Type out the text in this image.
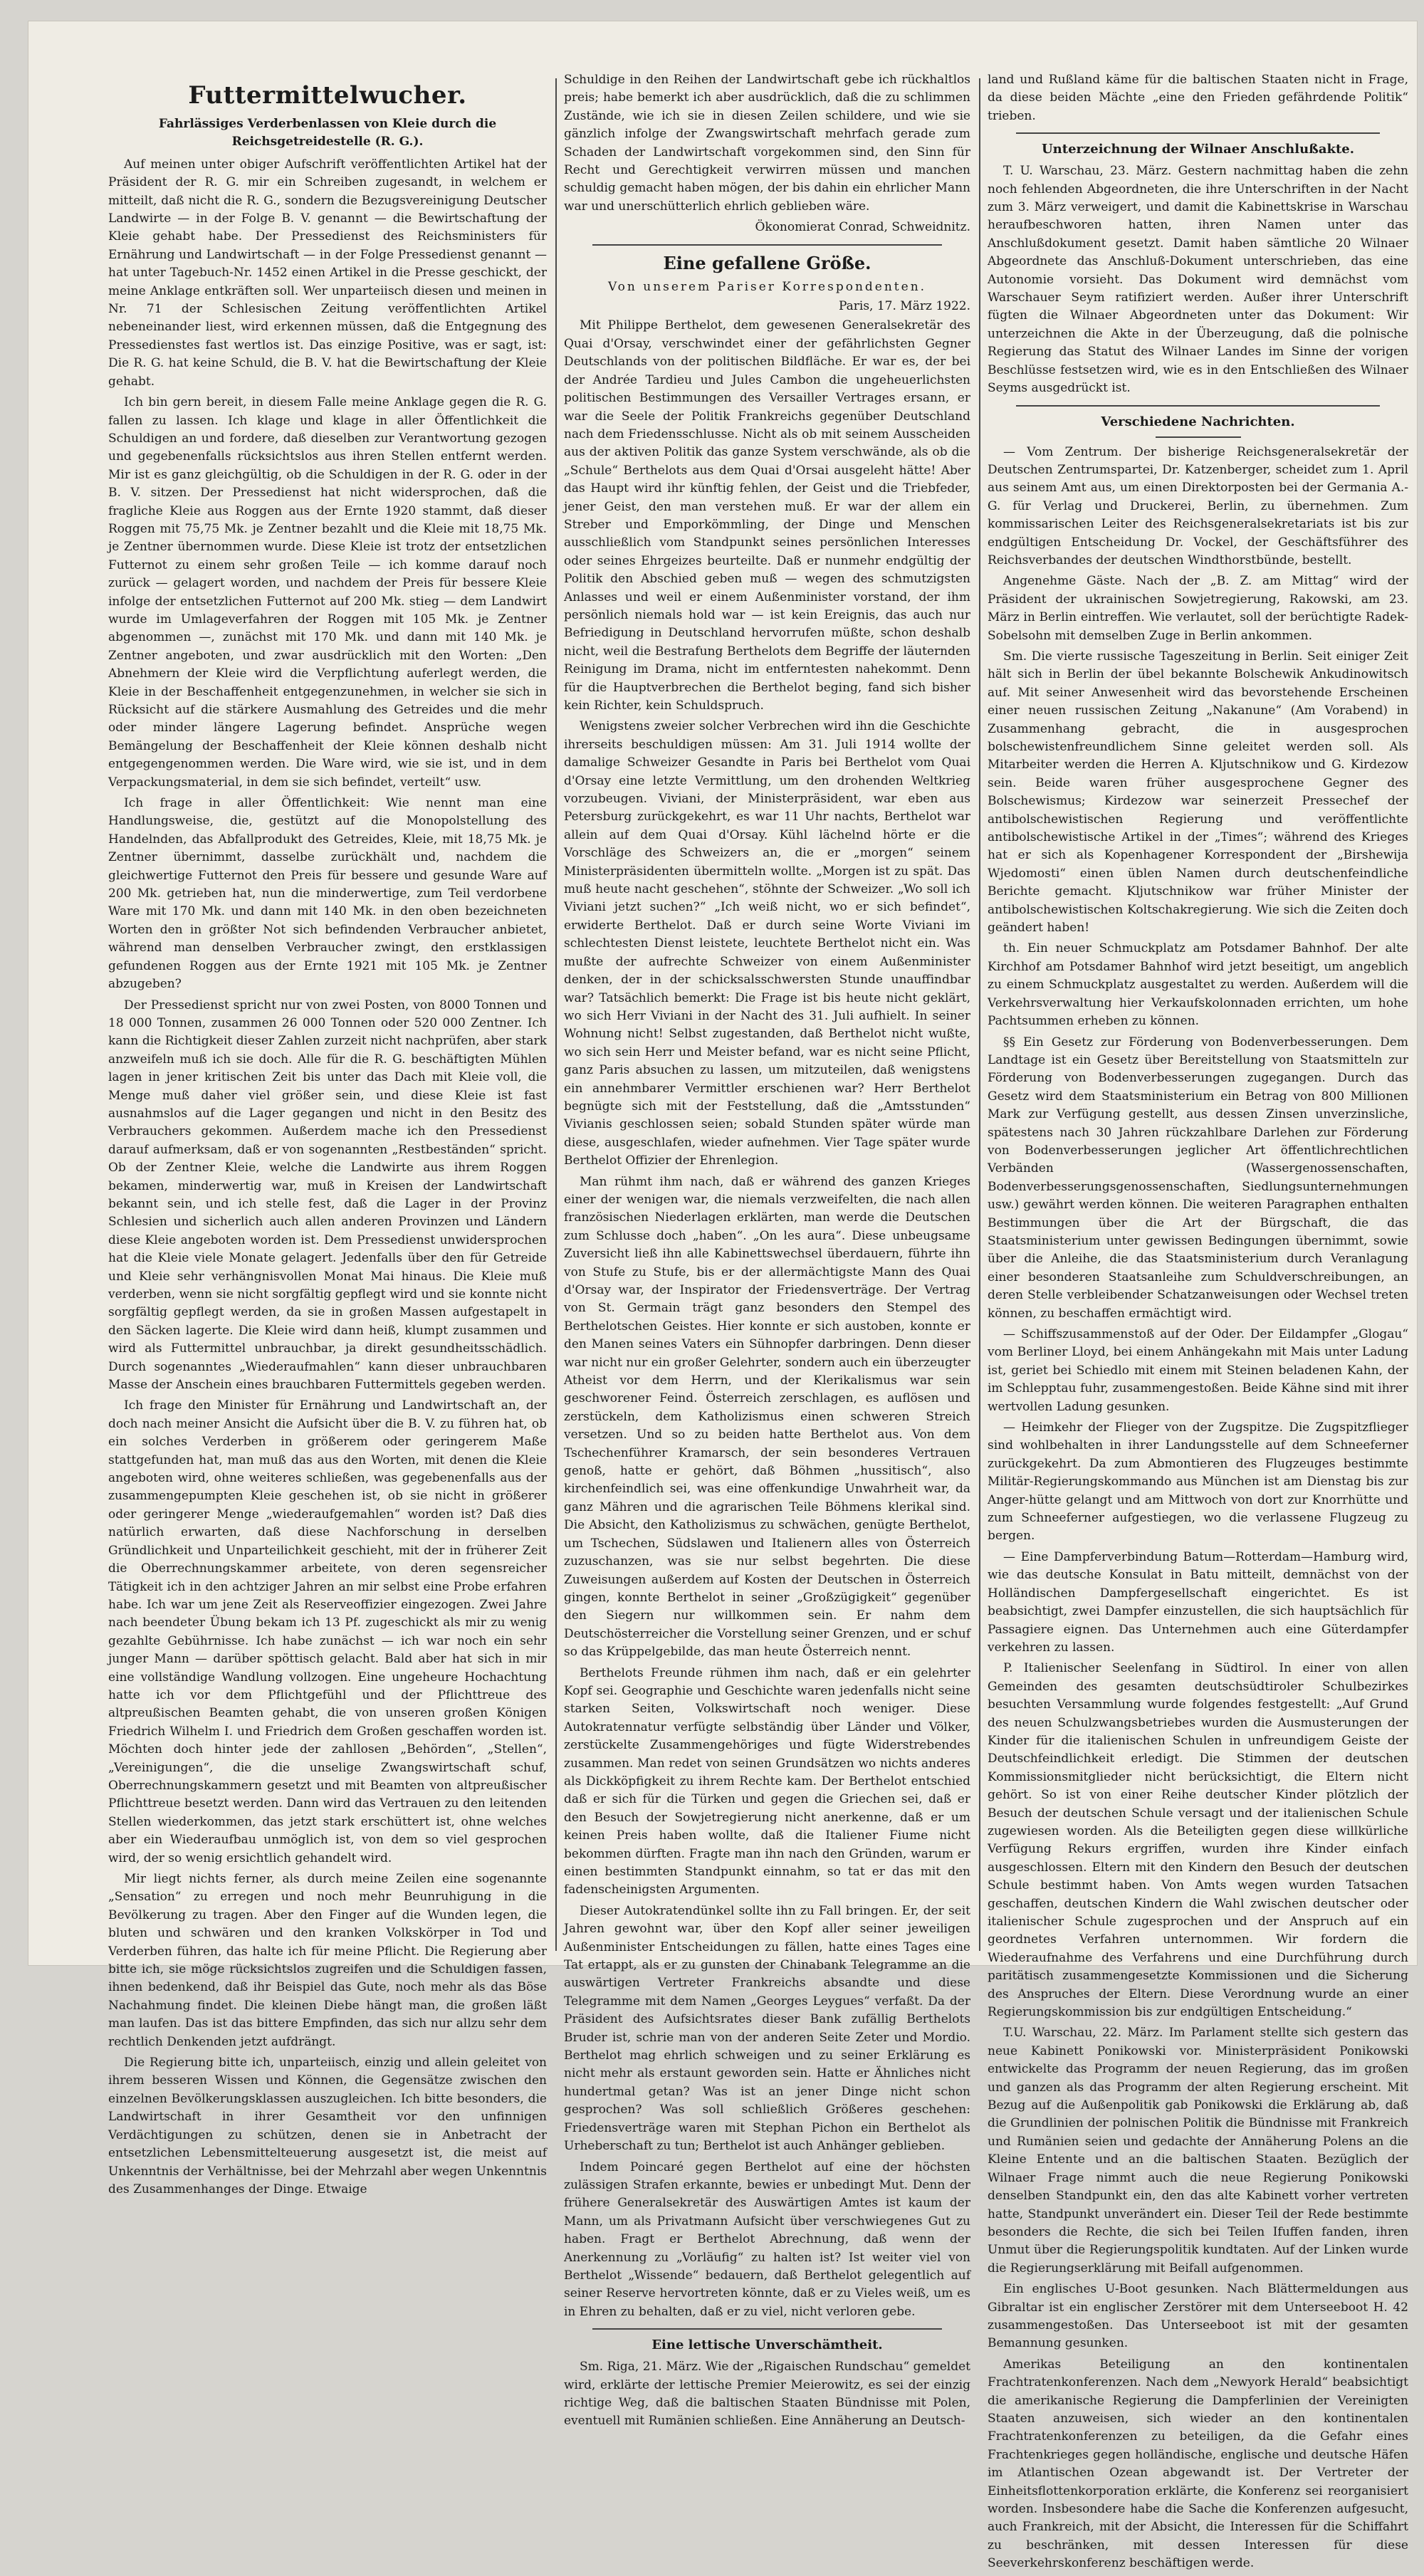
Futtermittelwucher.
Fahrlässiges Verderbenlassen von Kleie durch die Reichsgetreidestelle (R. G.).

Auf meinen unter obiger Aufschrift veröffentlichten Artikel hat der Präsident der R. G. mir ein Schreiben zugesandt, in welchem er mitteilt, daß nicht die R. G., sondern die Bezugsvereinigung Deutscher Landwirte — in der Folge B. V. genannt — die Bewirtschaftung der Kleie gehabt habe. Der Pressedienst des Reichsministers für Ernährung und Landwirtschaft — in der Folge Pressedienst genannt — hat unter Tagebuch-Nr. 1452 einen Artikel in die Presse geschickt, der meine Anklage entkräften soll. Wer unparteiisch diesen und meinen in Nr. 71 der Schlesischen Zeitung veröffentlichten Artikel nebeneinander liest, wird erkennen müssen, daß die Entgegnung des Pressedienstes fast wertlos ist. Das einzige Positive, was er sagt, ist: Die R. G. hat keine Schuld, die B. V. hat die Bewirtschaftung der Kleie gehabt.

Ich bin gern bereit, in diesem Falle meine Anklage gegen die R. G. fallen zu lassen. Ich klage und klage in aller Öffentlichkeit die Schuldigen an und fordere, daß dieselben zur Verantwortung gezogen und gegebenenfalls rücksichtslos aus ihren Stellen entfernt werden. Mir ist es ganz gleichgültig, ob die Schuldigen in der R. G. oder in der B. V. sitzen. Der Pressedienst hat nicht widersprochen, daß die fragliche Kleie aus Roggen aus der Ernte 1920 stammt, daß dieser Roggen mit 75,75 Mk. je Zentner bezahlt und die Kleie mit 18,75 Mk. je Zentner übernommen wurde. Diese Kleie ist trotz der entsetzlichen Futternot zu einem sehr großen Teile — ich komme darauf noch zurück — gelagert worden, und nachdem der Preis für bessere Kleie infolge der entsetzlichen Futternot auf 200 Mk. stieg — dem Landwirt wurde im Umlageverfahren der Roggen mit 105 Mk. je Zentner abgenommen —, zunächst mit 170 Mk. und dann mit 140 Mk. je Zentner angeboten, und zwar ausdrücklich mit den Worten: „Den Abnehmern der Kleie wird die Verpflichtung auferlegt werden, die Kleie in der Beschaffenheit entgegenzunehmen, in welcher sie sich in Rücksicht auf die stärkere Ausmahlung des Getreides und die mehr oder minder längere Lagerung befindet. Ansprüche wegen Bemängelung der Beschaffenheit der Kleie können deshalb nicht entgegengenommen werden. Die Ware wird, wie sie ist, und in dem Verpackungsmaterial, in dem sie sich befindet, verteilt“ usw.

Ich frage in aller Öffentlichkeit: Wie nennt man eine Handlungsweise, die, gestützt auf die Monopolstellung des Handelnden, das Abfallprodukt des Getreides, Kleie, mit 18,75 Mk. je Zentner übernimmt, dasselbe zurückhält und, nachdem die gleichwertige Futternot den Preis für bessere und gesunde Ware auf 200 Mk. getrieben hat, nun die minderwertige, zum Teil verdorbene Ware mit 170 Mk. und dann mit 140 Mk. in den oben bezeichneten Worten den in größter Not sich befindenden Verbraucher anbietet, während man denselben Verbraucher zwingt, den erstklassigen gefundenen Roggen aus der Ernte 1921 mit 105 Mk. je Zentner abzugeben?

Der Pressedienst spricht nur von zwei Posten, von 8000 Tonnen und 18 000 Tonnen, zusammen 26 000 Tonnen oder 520 000 Zentner. Ich kann die Richtigkeit dieser Zahlen zurzeit nicht nachprüfen, aber stark anzweifeln muß ich sie doch. Alle für die R. G. beschäftigten Mühlen lagen in jener kritischen Zeit bis unter das Dach mit Kleie voll, die Menge muß daher viel größer sein, und diese Kleie ist fast ausnahmslos auf die Lager gegangen und nicht in den Besitz des Verbrauchers gekommen. Außerdem mache ich den Pressedienst darauf aufmerksam, daß er von sogenannten „Restbeständen“ spricht. Ob der Zentner Kleie, welche die Landwirte aus ihrem Roggen bekamen, minderwertig war, muß in Kreisen der Landwirtschaft bekannt sein, und ich stelle fest, daß die Lager in der Provinz Schlesien und sicherlich auch allen anderen Provinzen und Ländern diese Kleie angeboten worden ist. Dem Pressedienst unwidersprochen hat die Kleie viele Monate gelagert. Jedenfalls über den für Getreide und Kleie sehr verhängnisvollen Monat Mai hinaus. Die Kleie muß verderben, wenn sie nicht sorgfältig gepflegt wird und sie konnte nicht sorgfältig gepflegt werden, da sie in großen Massen aufgestapelt in den Säcken lagerte. Die Kleie wird dann heiß, klumpt zusammen und wird als Futtermittel unbrauchbar, ja direkt gesundheitsschädlich. Durch sogenanntes „Wiederaufmahlen“ kann dieser unbrauchbaren Masse der Anschein eines brauchbaren Futtermittels gegeben werden.

Ich frage den Minister für Ernährung und Landwirtschaft an, der doch nach meiner Ansicht die Aufsicht über die B. V. zu führen hat, ob ein solches Verderben in größerem oder geringerem Maße stattgefunden hat, man muß das aus den Worten, mit denen die Kleie angeboten wird, ohne weiteres schließen, was gegebenenfalls aus der zusammengepumpten Kleie geschehen ist, ob sie nicht in größerer oder geringerer Menge „wiederaufgemahlen“ worden ist? Daß dies natürlich erwarten, daß diese Nachforschung in derselben Gründlichkeit und Unparteilichkeit geschieht, mit der in früherer Zeit die Oberrechnungskammer arbeitete, von deren segensreicher Tätigkeit ich in den achtziger Jahren an mir selbst eine Probe erfahren habe. Ich war um jene Zeit als Reserveoffizier eingezogen. Zwei Jahre nach beendeter Übung bekam ich 13 Pf. zugeschickt als mir zu wenig gezahlte Gebührnisse. Ich habe zunächst — ich war noch ein sehr junger Mann — darüber spöttisch gelacht. Bald aber hat sich in mir eine vollständige Wandlung vollzogen. Eine ungeheure Hochachtung hatte ich vor dem Pflichtgefühl und der Pflichttreue des altpreußischen Beamten gehabt, die von unseren großen Königen Friedrich Wilhelm I. und Friedrich dem Großen geschaffen worden ist. Möchten doch hinter jede der zahllosen „Behörden“, „Stellen“, „Vereinigungen“, die die unselige Zwangswirtschaft schuf, Oberrechnungskammern gesetzt und mit Beamten von altpreußischer Pflichttreue besetzt werden. Dann wird das Vertrauen zu den leitenden Stellen wiederkommen, das jetzt stark erschüttert ist, ohne welches aber ein Wiederaufbau unmöglich ist, von dem so viel gesprochen wird, der so wenig ersichtlich gehandelt wird.

Mir liegt nichts ferner, als durch meine Zeilen eine sogenannte „Sensation“ zu erregen und noch mehr Beunruhigung in die Bevölkerung zu tragen. Aber den Finger auf die Wunden legen, die bluten und schwären und den kranken Volkskörper in Tod und Verderben führen, das halte ich für meine Pflicht. Die Regierung aber bitte ich, sie möge rücksichtslos zugreifen und die Schuldigen fassen, ihnen bedenkend, daß ihr Beispiel das Gute, noch mehr als das Böse Nachahmung findet. Die kleinen Diebe hängt man, die großen läßt man laufen. Das ist das bittere Empfinden, das sich nur allzu sehr dem rechtlich Denkenden jetzt aufdrängt.

Die Regierung bitte ich, unparteiisch, einzig und allein geleitet von ihrem besseren Wissen und Können, die Gegensätze zwischen den einzelnen Bevölkerungsklassen auszugleichen. Ich bitte besonders, die Landwirtschaft in ihrer Gesamtheit vor den unfinnigen Verdächtigungen zu schützen, denen sie in Anbetracht der entsetzlichen Lebensmittelteuerung ausgesetzt ist, die meist auf Unkenntnis der Verhältnisse, bei der Mehrzahl aber wegen Unkenntnis des Zusammenhanges der Dinge. Etwaige

Schuldige in den Reihen der Landwirtschaft gebe ich rückhaltlos preis; habe bemerkt ich aber ausdrücklich, daß die zu schlimmen Zustände, wie ich sie in diesen Zeilen schildere, und wie sie gänzlich infolge der Zwangswirtschaft mehrfach gerade zum Schaden der Landwirtschaft vorgekommen sind, den Sinn für Recht und Gerechtigkeit verwirren müssen und manchen schuldig gemacht haben mögen, der bis dahin ein ehrlicher Mann war und unerschütterlich ehrlich geblieben wäre.

Ökonomierat Conrad, Schweidnitz.

Eine gefallene Größe.
Von unserem Pariser Korrespondenten.
Paris, 17. März 1922.

Mit Philippe Berthelot, dem gewesenen Generalsekretär des Quai d'Orsay, verschwindet einer der gefährlichsten Gegner Deutschlands von der politischen Bildfläche. Er war es, der bei der Andrée Tardieu und Jules Cambon die ungeheuerlichsten politischen Bestimmungen des Versailler Vertrages ersann, er war die Seele der Politik Frankreichs gegenüber Deutschland nach dem Friedensschlusse. Nicht als ob mit seinem Ausscheiden aus der aktiven Politik das ganze System verschwände, als ob die „Schule“ Berthelots aus dem Quai d'Orsai ausgeleht hätte! Aber das Haupt wird ihr künftig fehlen, der Geist und die Triebfeder, jener Geist, den man verstehen muß. Er war der allem ein Streber und Emporkömmling, der Dinge und Menschen ausschließlich vom Standpunkt seines persönlichen Interesses oder seines Ehrgeizes beurteilte. Daß er nunmehr endgültig der Politik den Abschied geben muß — wegen des schmutzigsten Anlasses und weil er einem Außenminister vorstand, der ihm persönlich niemals hold war — ist kein Ereignis, das auch nur Befriedigung in Deutschland hervorrufen müßte, schon deshalb nicht, weil die Bestrafung Berthelots dem Begriffe der läuternden Reinigung im Drama, nicht im entferntesten nahekommt. Denn für die Hauptverbrechen die Berthelot beging, fand sich bisher kein Richter, kein Schuldspruch.

Wenigstens zweier solcher Verbrechen wird ihn die Geschichte ihrerseits beschuldigen müssen: Am 31. Juli 1914 wollte der damalige Schweizer Gesandte in Paris bei Berthelot vom Quai d'Orsay eine letzte Vermittlung, um den drohenden Weltkrieg vorzubeugen. Viviani, der Ministerpräsident, war eben aus Petersburg zurückgekehrt, es war 11 Uhr nachts, Berthelot war allein auf dem Quai d'Orsay. Kühl lächelnd hörte er die Vorschläge des Schweizers an, die er „morgen“ seinem Ministerpräsidenten übermitteln wollte. „Morgen ist zu spät. Das muß heute nacht geschehen“, stöhnte der Schweizer. „Wo soll ich Viviani jetzt suchen?“ „Ich weiß nicht, wo er sich befindet“, erwiderte Berthelot. Daß er durch seine Worte Viviani im schlechtesten Dienst leistete, leuchtete Berthelot nicht ein. Was mußte der aufrechte Schweizer von einem Außenminister denken, der in der schicksalsschwersten Stunde unauffindbar war? Tatsächlich bemerkt: Die Frage ist bis heute nicht geklärt, wo sich Herr Viviani in der Nacht des 31. Juli aufhielt. In seiner Wohnung nicht! Selbst zugestanden, daß Berthelot nicht wußte, wo sich sein Herr und Meister befand, war es nicht seine Pflicht, ganz Paris absuchen zu lassen, um mitzuteilen, daß wenigstens ein annehmbarer Vermittler erschienen war? Herr Berthelot begnügte sich mit der Feststellung, daß die „Amtsstunden“ Vivianis geschlossen seien; sobald Stunden später würde man diese, ausgeschlafen, wieder aufnehmen. Vier Tage später wurde Berthelot Offizier der Ehrenlegion.

Man rühmt ihm nach, daß er während des ganzen Krieges einer der wenigen war, die niemals verzweifelten, die nach allen französischen Niederlagen erklärten, man werde die Deutschen zum Schlusse doch „haben“. „On les aura“. Diese unbeugsame Zuversicht ließ ihn alle Kabinettswechsel überdauern, führte ihn von Stufe zu Stufe, bis er der allermächtigste Mann des Quai d'Orsay war, der Inspirator der Friedensverträge. Der Vertrag von St. Germain trägt ganz besonders den Stempel des Berthelotschen Geistes. Hier konnte er sich austoben, konnte er den Manen seines Vaters ein Sühnopfer darbringen. Denn dieser war nicht nur ein großer Gelehrter, sondern auch ein überzeugter Atheist vor dem Herrn, und der Klerikalismus war sein geschworener Feind. Österreich zerschlagen, es auflösen und zerstückeln, dem Katholizismus einen schweren Streich versetzen. Und so zu beiden hatte Berthelot aus. Von dem Tschechenführer Kramarsch, der sein besonderes Vertrauen genoß, hatte er gehört, daß Böhmen „hussitisch“, also kirchenfeindlich sei, was eine offenkundige Unwahrheit war, da ganz Mähren und die agrarischen Teile Böhmens klerikal sind. Die Absicht, den Katholizismus zu schwächen, genügte Berthelot, um Tschechen, Südslawen und Italienern alles von Österreich zuzuschanzen, was sie nur selbst begehrten. Die diese Zuweisungen außerdem auf Kosten der Deutschen in Österreich gingen, konnte Berthelot in seiner „Großzügigkeit“ gegenüber den Siegern nur willkommen sein. Er nahm dem Deutschösterreicher die Vorstellung seiner Grenzen, und er schuf so das Krüppelgebilde, das man heute Österreich nennt.

Berthelots Freunde rühmen ihm nach, daß er ein gelehrter Kopf sei. Geographie und Geschichte waren jedenfalls nicht seine starken Seiten, Volkswirtschaft noch weniger. Diese Autokratennatur verfügte selbständig über Länder und Völker, zerstückelte Zusammengehöriges und fügte Widerstrebendes zusammen. Man redet von seinen Grundsätzen wo nichts anderes als Dickköpfigkeit zu ihrem Rechte kam. Der Berthelot entschied daß er sich für die Türken und gegen die Griechen sei, daß er den Besuch der Sowjetregierung nicht anerkenne, daß er um keinen Preis haben wollte, daß die Italiener Fiume nicht bekommen dürften. Fragte man ihn nach den Gründen, warum er einen bestimmten Standpunkt einnahm, so tat er das mit den fadenscheinigsten Argumenten.

Dieser Autokratendünkel sollte ihn zu Fall bringen. Er, der seit Jahren gewohnt war, über den Kopf aller seiner jeweiligen Außenminister Entscheidungen zu fällen, hatte eines Tages eine Tat ertappt, als er zu gunsten der Chinabank Telegramme an die auswärtigen Vertreter Frankreichs absandte und diese Telegramme mit dem Namen „Georges Leygues“ verfaßt. Da der Präsident des Aufsichtsrates dieser Bank zufällig Berthelots Bruder ist, schrie man von der anderen Seite Zeter und Mordio. Berthelot mag ehrlich schweigen und zu seiner Erklärung es nicht mehr als erstaunt geworden sein. Hatte er Ähnliches nicht hundertmal getan? Was ist an jener Dinge nicht schon gesprochen? Was soll schließlich Größeres geschehen: Friedensverträge waren mit Stephan Pichon ein Berthelot als Urheberschaft zu tun; Berthelot ist auch Anhänger geblieben.

Indem Poincaré gegen Berthelot auf eine der höchsten zulässigen Strafen erkannte, bewies er unbedingt Mut. Denn der frühere Generalsekretär des Auswärtigen Amtes ist kaum der Mann, um als Privatmann Aufsicht über verschwiegenes Gut zu haben. Fragt er Berthelot Abrechnung, daß wenn der Anerkennung zu „Vorläufig“ zu halten ist? Ist weiter viel von Berthelot „Wissende“ bedauern, daß Berthelot gelegentlich auf seiner Reserve hervortreten könnte, daß er zu Vieles weiß, um es in Ehren zu behalten, daß er zu viel, nicht verloren gebe.

Eine lettische Unverschämtheit.

Sm. Riga, 21. März. Wie der „Rigaischen Rundschau“ gemeldet wird, erklärte der lettische Premier Meierowitz, es sei der einzig richtige Weg, daß die baltischen Staaten Bündnisse mit Polen, eventuell mit Rumänien schließen. Eine Annäherung an Deutsch-

land und Rußland käme für die baltischen Staaten nicht in Frage, da diese beiden Mächte „eine den Frieden gefährdende Politik“ trieben.

Unterzeichnung der Wilnaer Anschlußakte.

T. U. Warschau, 23. März. Gestern nachmittag haben die zehn noch fehlenden Abgeordneten, die ihre Unterschriften in der Nacht zum 3. März verweigert, und damit die Kabinettskrise in Warschau heraufbeschworen hatten, ihren Namen unter das Anschlußdokument gesetzt. Damit haben sämtliche 20 Wilnaer Abgeordnete das Anschluß-Dokument unterschrieben, das eine Autonomie vorsieht. Das Dokument wird demnächst vom Warschauer Seym ratifiziert werden. Außer ihrer Unterschrift fügten die Wilnaer Abgeordneten unter das Dokument: Wir unterzeichnen die Akte in der Überzeugung, daß die polnische Regierung das Statut des Wilnaer Landes im Sinne der vorigen Beschlüsse festsetzen wird, wie es in den Entschließen des Wilnaer Seyms ausgedrückt ist.

Verschiedene Nachrichten.

— Vom Zentrum. Der bisherige Reichsgeneralsekretär der Deutschen Zentrumspartei, Dr. Katzenberger, scheidet zum 1. April aus seinem Amt aus, um einen Direktorposten bei der Germania A.-G. für Verlag und Druckerei, Berlin, zu übernehmen. Zum kommissarischen Leiter des Reichsgeneralsekretariats ist bis zur endgültigen Entscheidung Dr. Vockel, der Geschäftsführer des Reichsverbandes der deutschen Windthorstbünde, bestellt.

Angenehme Gäste. Nach der „B. Z. am Mittag“ wird der Präsident der ukrainischen Sowjetregierung, Rakowski, am 23. März in Berlin eintreffen. Wie verlautet, soll der berüchtigte Radek-Sobelsohn mit demselben Zuge in Berlin ankommen.

Sm. Die vierte russische Tageszeitung in Berlin. Seit einiger Zeit hält sich in Berlin der übel bekannte Bolschewik Ankudinowitsch auf. Mit seiner Anwesenheit wird das bevorstehende Erscheinen einer neuen russischen Zeitung „Nakanune“ (Am Vorabend) in Zusammenhang gebracht, die in ausgesprochen bolschewistenfreundlichem Sinne geleitet werden soll. Als Mitarbeiter werden die Herren A. Kljutschnikow und G. Kirdezow sein. Beide waren früher ausgesprochene Gegner des Bolschewismus; Kirdezow war seinerzeit Pressechef der antibolschewistischen Regierung und veröffentlichte antibolschewistische Artikel in der „Times“; während des Krieges hat er sich als Kopenhagener Korrespondent der „Birshewija Wjedomosti“ einen üblen Namen durch deutschenfeindliche Berichte gemacht. Kljutschnikow war früher Minister der antibolschewistischen Koltschakregierung. Wie sich die Zeiten doch geändert haben!

th. Ein neuer Schmuckplatz am Potsdamer Bahnhof. Der alte Kirchhof am Potsdamer Bahnhof wird jetzt beseitigt, um angeblich zu einem Schmuckplatz ausgestaltet zu werden. Außerdem will die Verkehrsverwaltung hier Verkaufskolonnaden errichten, um hohe Pachtsummen erheben zu können.

§§ Ein Gesetz zur Förderung von Bodenverbesserungen. Dem Landtage ist ein Gesetz über Bereitstellung von Staatsmitteln zur Förderung von Bodenverbesserungen zugegangen. Durch das Gesetz wird dem Staatsministerium ein Betrag von 800 Millionen Mark zur Verfügung gestellt, aus dessen Zinsen unverzinsliche, spätestens nach 30 Jahren rückzahlbare Darlehen zur Förderung von Bodenverbesserungen jeglicher Art öffentlichrechtlichen Verbänden (Wassergenossenschaften, Bodenverbesserungsgenossenschaften, Siedlungsunternehmungen usw.) gewährt werden können. Die weiteren Paragraphen enthalten Bestimmungen über die Art der Bürgschaft, die das Staatsministerium unter gewissen Bedingungen übernimmt, sowie über die Anleihe, die das Staatsministerium durch Veranlagung einer besonderen Staatsanleihe zum Schuldverschreibungen, an deren Stelle verbleibender Schatzanweisungen oder Wechsel treten können, zu beschaffen ermächtigt wird.

— Schiffszusammenstoß auf der Oder. Der Eildampfer „Glogau“ vom Berliner Lloyd, bei einem Anhängekahn mit Mais unter Ladung ist, geriet bei Schiedlo mit einem mit Steinen beladenen Kahn, der im Schlepptau fuhr, zusammengestoßen. Beide Kähne sind mit ihrer wertvollen Ladung gesunken.

— Heimkehr der Flieger von der Zugspitze. Die Zugspitzflieger sind wohlbehalten in ihrer Landungsstelle auf dem Schneeferner zurückgekehrt. Da zum Abmontieren des Flugzeuges bestimmte Militär-Regierungskommando aus München ist am Dienstag bis zur Anger-hütte gelangt und am Mittwoch von dort zur Knorrhütte und zum Schneeferner aufgestiegen, wo die verlassene Flugzeug zu bergen.

— Eine Dampferverbindung Batum—Rotterdam—Hamburg wird, wie das deutsche Konsulat in Batu mitteilt, demnächst von der Holländischen Dampfergesellschaft eingerichtet. Es ist beabsichtigt, zwei Dampfer einzustellen, die sich hauptsächlich für Passagiere eignen. Das Unternehmen auch eine Güterdampfer verkehren zu lassen.

P. Italienischer Seelenfang in Südtirol. In einer von allen Gemeinden des gesamten deutschsüdtiroler Schulbezirkes besuchten Versammlung wurde folgendes festgestellt: „Auf Grund des neuen Schulzwangsbetriebes wurden die Ausmusterungen der Kinder für die italienischen Schulen in unfreundigem Geiste der Deutschfeindlichkeit erledigt. Die Stimmen der deutschen Kommissionsmitglieder nicht berücksichtigt, die Eltern nicht gehört. So ist von einer Reihe deutscher Kinder plötzlich der Besuch der deutschen Schule versagt und der italienischen Schule zugewiesen worden. Als die Beteiligten gegen diese willkürliche Verfügung Rekurs ergriffen, wurden ihre Kinder einfach ausgeschlossen. Eltern mit den Kindern den Besuch der deutschen Schule bestimmt haben. Von Amts wegen wurden Tatsachen geschaffen, deutschen Kindern die Wahl zwischen deutscher oder italienischer Schule zugesprochen und der Anspruch auf ein geordnetes Verfahren unternommen. Wir fordern die Wiederaufnahme des Verfahrens und eine Durchführung durch paritätisch zusammengesetzte Kommissionen und die Sicherung des Anspruches der Eltern. Diese Verordnung wurde an einer Regierungskommission bis zur endgültigen Entscheidung.“

T.U. Warschau, 22. März. Im Parlament stellte sich gestern das neue Kabinett Ponikowski vor. Ministerpräsident Ponikowski entwickelte das Programm der neuen Regierung, das im großen und ganzen als das Programm der alten Regierung erscheint. Mit Bezug auf die Außenpolitik gab Ponikowski die Erklärung ab, daß die Grundlinien der polnischen Politik die Bündnisse mit Frankreich und Rumänien seien und gedachte der Annäherung Polens an die Kleine Entente und an die baltischen Staaten. Bezüglich der Wilnaer Frage nimmt auch die neue Regierung Ponikowski denselben Standpunkt ein, den das alte Kabinett vorher vertreten hatte, Standpunkt unverändert ein. Dieser Teil der Rede bestimmte besonders die Rechte, die sich bei Teilen Ifuffen fanden, ihren Unmut über die Regierungspolitik kundtaten. Auf der Linken wurde die Regierungserklärung mit Beifall aufgenommen.

Ein englisches U-Boot gesunken. Nach Blättermeldungen aus Gibraltar ist ein englischer Zerstörer mit dem Unterseeboot H. 42 zusammengestoßen. Das Unterseeboot ist mit der gesamten Bemannung gesunken.

Amerikas Beteiligung an den kontinentalen Frachtratenkonferenzen. Nach dem „Newyork Herald“ beabsichtigt die amerikanische Regierung die Dampferlinien der Vereinigten Staaten anzuweisen, sich wieder an den kontinentalen Frachtratenkonferenzen zu beteiligen, da die Gefahr eines Frachtenkrieges gegen holländische, englische und deutsche Häfen im Atlantischen Ozean abgewandt ist. Der Vertreter der Einheitsflottenkorporation erklärte, die Konferenz sei reorganisiert worden. Insbesondere habe die Sache die Konferenzen aufgesucht, auch Frankreich, mit der Absicht, die Interessen für die Schiffahrt zu beschränken, mit dessen Interessen für diese Seeverkehrskonferenz beschäftigen werde.
